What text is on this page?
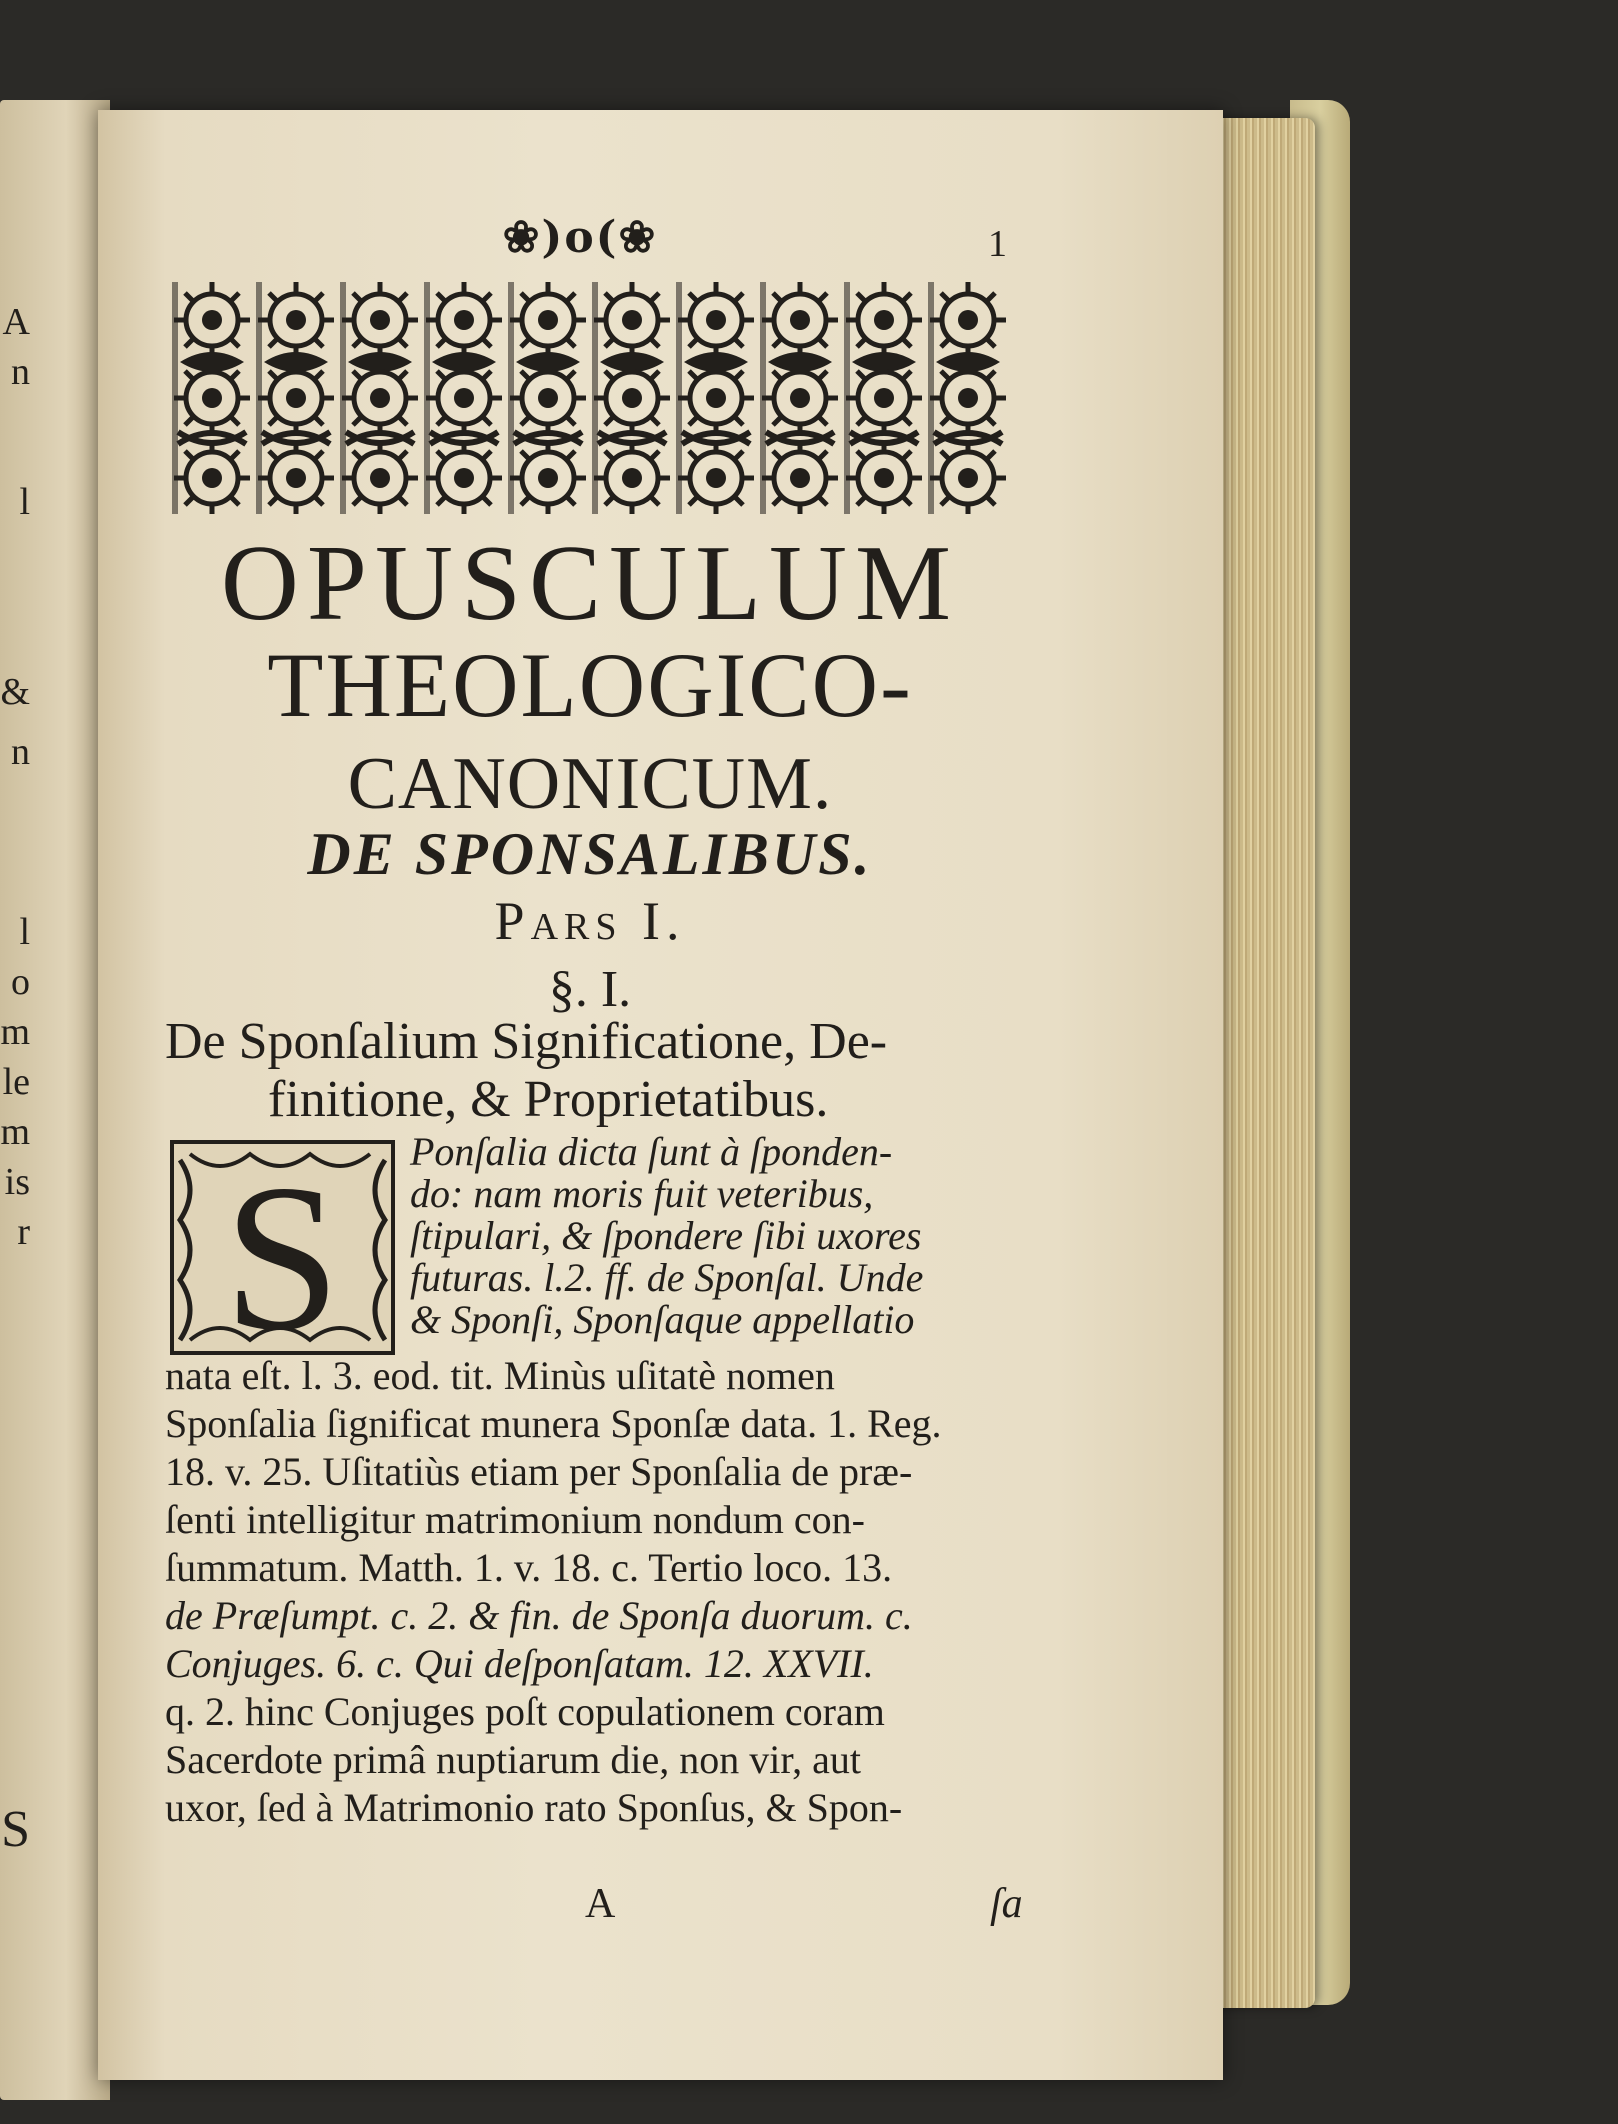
A
n
l
&
n
l
o
m
le
m
is
r
S
❀)o(❀	1
OPUSCULUM
THEOLOGICO-
CANONICUM.
DE SPONSALIBUS.
Pars I.
§. I.
De Sponſalium Significatione, De-
finitione, & Proprietatibus.
S Ponſalia dicta ſunt à ſponden-
do: nam moris fuit veteribus,
ſtipulari, & ſpondere ſibi uxores
futuras. l.2. ff. de Sponſal. Unde
& Sponſi, Sponſaque appellatio
nata eſt. l. 3. eod. tit. Minùs uſitatè nomen
Sponſalia ſignificat munera Sponſæ data. 1. Reg.
18. v. 25. Uſitatiùs etiam per Sponſalia de præ-
ſenti intelligitur matrimonium nondum con-
ſummatum. Matth. 1. v. 18. c. Tertio loco. 13.
de Præſumpt. c. 2. & fin. de Sponſa duorum. c.
Conjuges. 6. c. Qui deſponſatam. 12. XXVII.
q. 2. hinc Conjuges poſt copulationem coram
Sacerdote primâ nuptiarum die, non vir, aut
uxor, ſed à Matrimonio rato Sponſus, & Spon-
A	ſa
